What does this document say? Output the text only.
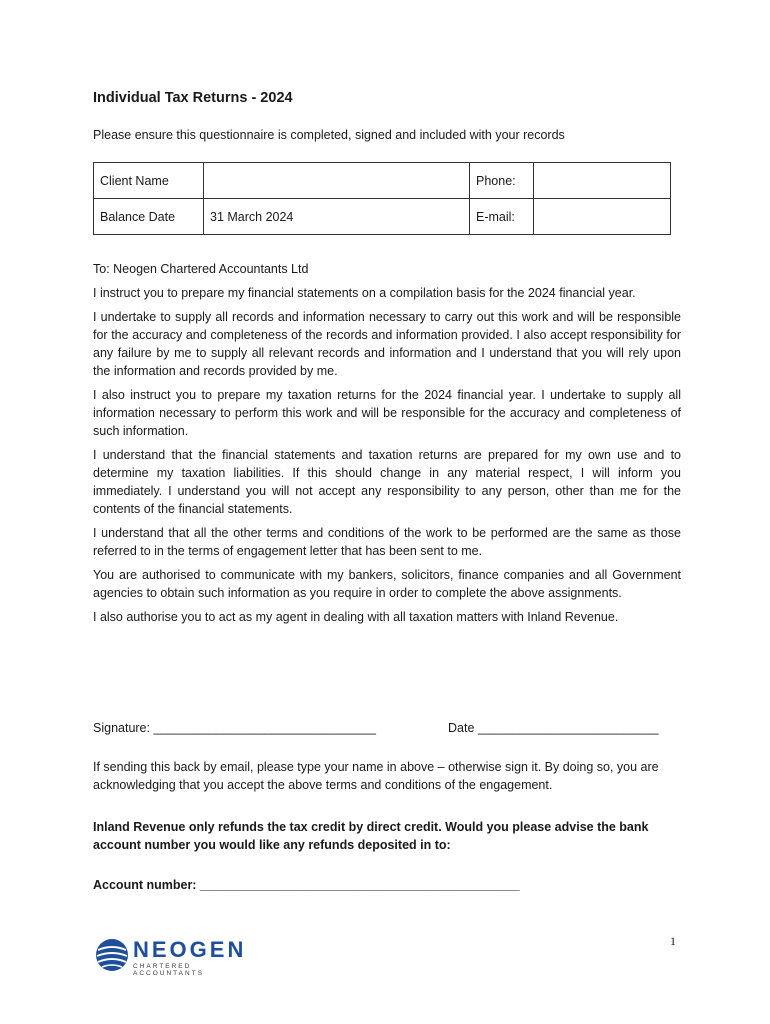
Individual Tax Returns - 2024
Please ensure this questionnaire is completed, signed and included with your records
Client Name		Phone:	
Balance Date	31 March 2024	E-mail:	

To: Neogen Chartered Accountants Ltd

I instruct you to prepare my financial statements on a compilation basis for the 2024 financial year.

I undertake to supply all records and information necessary to carry out this work and will be responsible for the accuracy and completeness of the records and information provided. I also accept responsibility for any failure by me to supply all relevant records and information and I understand that you will rely upon the information and records provided by me.

I also instruct you to prepare my taxation returns for the 2024 financial year. I undertake to supply all information necessary to perform this work and will be responsible for the accuracy and completeness of such information.

I understand that the financial statements and taxation returns are prepared for my own use and to determine my taxation liabilities. If this should change in any material respect, I will inform you immediately. I understand you will not accept any responsibility to any person, other than me for the contents of the financial statements.

I understand that all the other terms and conditions of the work to be performed are the same as those referred to in the terms of engagement letter that has been sent to me.

You are authorised to communicate with my bankers, solicitors, finance companies and all Government agencies to obtain such information as you require in order to complete the above assignments.

I also authorise you to act as my agent in dealing with all taxation matters with Inland Revenue.

Signature: ________________________________	Date __________________________
If sending this back by email, please type your name in above – otherwise sign it. By doing so, you are acknowledging that you accept the above terms and conditions of the engagement.
Inland Revenue only refunds the tax credit by direct credit. Would you please advise the bank account number you would like any refunds deposited in to:
Account number: ______________________________________________
NEOGEN
CHARTERED ACCOUNTANTS
1
